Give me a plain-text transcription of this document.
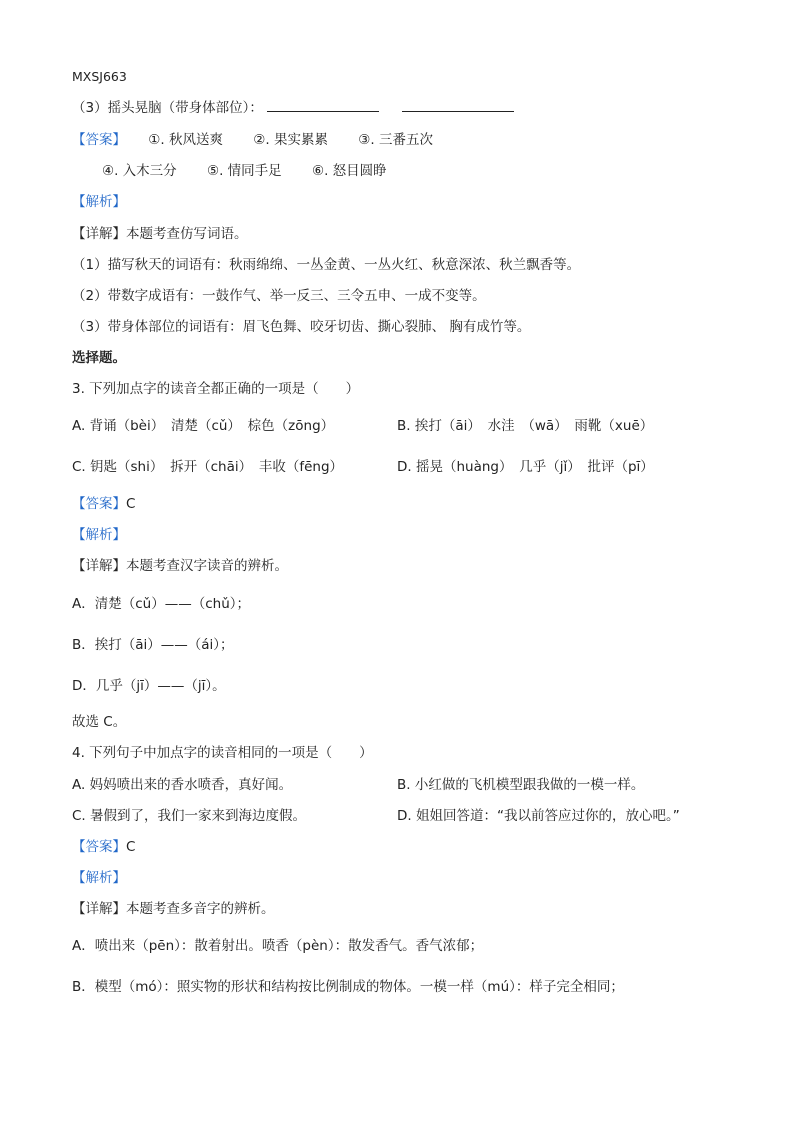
MXSJ663
（3）摇头晃脑（带身体部位）：
【答案】 ①. 秋风送爽 ②. 果实累累 ③. 三番五次
④. 入木三分 ⑤. 情同手足 ⑥. 怒目圆睁
【解析】
【详解】本题考查仿写词语。
（1）描写秋天的词语有：秋雨绵绵、一丛金黄、一丛火红、秋意深浓、秋兰飘香等。
（2）带数字成语有：一鼓作气、举一反三、三令五申、一成不变等。
（3）带身体部位的词语有：眉飞色舞、咬牙切齿、撕心裂肺、 胸有成竹等。
选择题。
3. 下列加点字的读音全都正确的一项是（　　）
A. 背诵（bèi）　清楚（cǔ）　棕色（zōng）	B. 挨打（āi）　水洼　（wā）　雨靴（xuē）
C. 钥匙（shi）　拆开（chāi）　丰收（fēng）	D. 摇晃（huàng）　几乎（jǐ）　批评（pī）
【答案】C
【解析】
【详解】本题考查汉字读音的辨析。
A．清楚（cǔ）——（chǔ）；
B．挨打（āi）——（ái）；
D．几乎（jī）——（jī）。
故选 C。
4. 下列句子中加点字的读音相同的一项是（　　）
A. 妈妈喷出来的香水喷香，真好闻。	B. 小红做的飞机模型跟我做的一模一样。
C. 暑假到了，我们一家来到海边度假。	D. 姐姐回答道：“我以前答应过你的，放心吧。”
【答案】C
【解析】
【详解】本题考查多音字的辨析。
A．喷出来（pēn）：散着射出。喷香（pèn）：散发香气。香气浓郁；
B．模型（mó）：照实物的形状和结构按比例制成的物体。一模一样（mú）：样子完全相同；
